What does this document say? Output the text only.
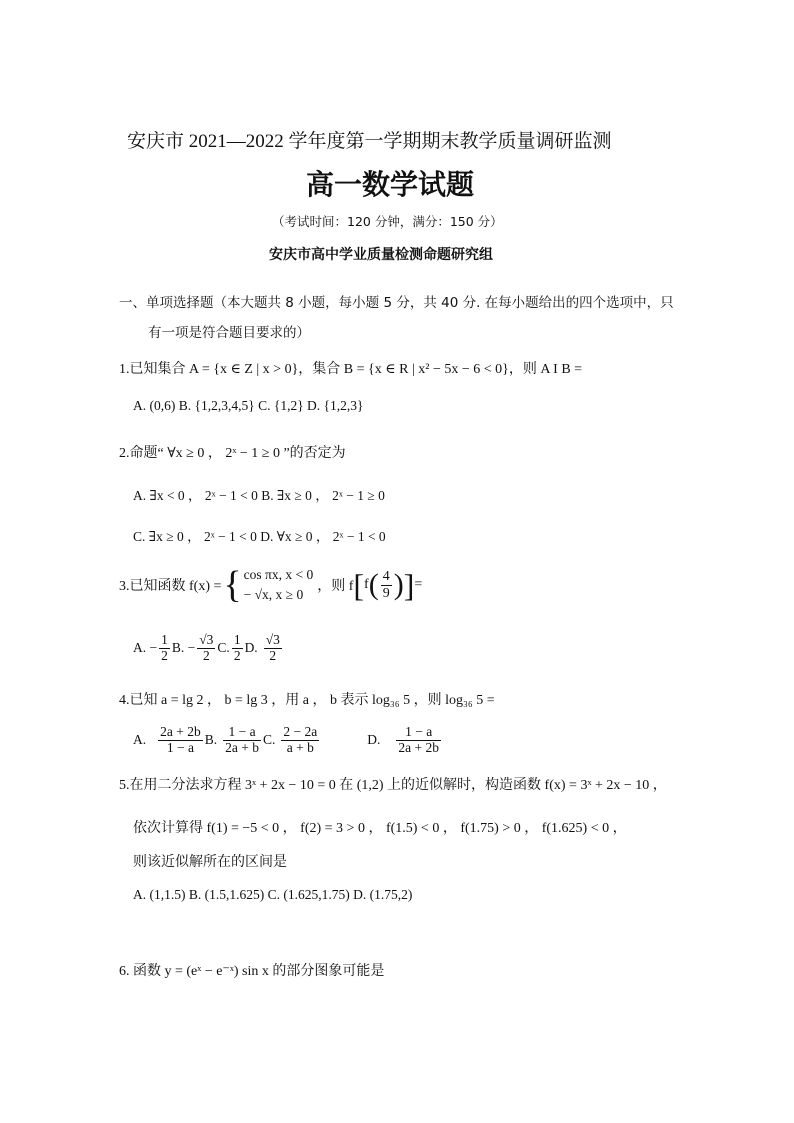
安庆市 2021—2022 学年度第一学期期末教学质量调研监测
高一数学试题
（考试时间：120 分钟，满分：150 分）
安庆市高中学业质量检测命题研究组
一、单项选择题（本大题共 8 小题，每小题 5 分，共 40 分. 在每小题给出的四个选项中，只
有一项是符合题目要求的）
1.已知集合 A = {x ∈ Z | x > 0}，集合 B = {x ∈ R | x² − 5x − 6 < 0}，则 A I B =
A. (0,6) B. {1,2,3,4,5} C. {1,2} D. {1,2,3}
2.命题“ ∀x ≥ 0 ， 2ˣ − 1 ≥ 0 ”的否定为
A. ∃x < 0 ， 2ˣ − 1 < 0 B. ∃x ≥ 0 ， 2ˣ − 1 ≥ 0
C. ∃x ≥ 0 ， 2ˣ − 1 < 0 D. ∀x ≥ 0 ， 2ˣ − 1 < 0
3.已知函数 f(x) = { cos πx, x < 0
− √x, x ≥ 0
，则 f [ f ( $\frac{4}{9}$ ) ] =
A. − $\frac{1}{2} B$. − $\frac{√3}{2} C$. $\frac{1}{2} D$. $\frac{√3}{2}$
4.已知 a = lg 2 ， b = lg 3 ，用 a ， b 表示 log₃₆ 5 ，则 log₃₆ 5 =
A. $\frac{2a + 2b}{1 - a} B$. $\frac{1 - a}{2a + b} C$. $\frac{2 - 2a}{a + b}$	D. $\frac{1 - a}{2a + 2b}$
5.在用二分法求方程 3ˣ + 2x − 10 = 0 在 (1,2) 上的近似解时，构造函数 f(x) = 3ˣ + 2x − 10 ，
依次计算得 f(1) = −5 < 0 ， f(2) = 3 > 0 ， f(1.5) < 0 ， f(1.75) > 0 ， f(1.625) < 0 ，
则该近似解所在的区间是
A. (1,1.5) B. (1.5,1.625) C. (1.625,1.75) D. (1.75,2)
6. 函数 y = (eˣ − e⁻ˣ) sin x 的部分图象可能是
